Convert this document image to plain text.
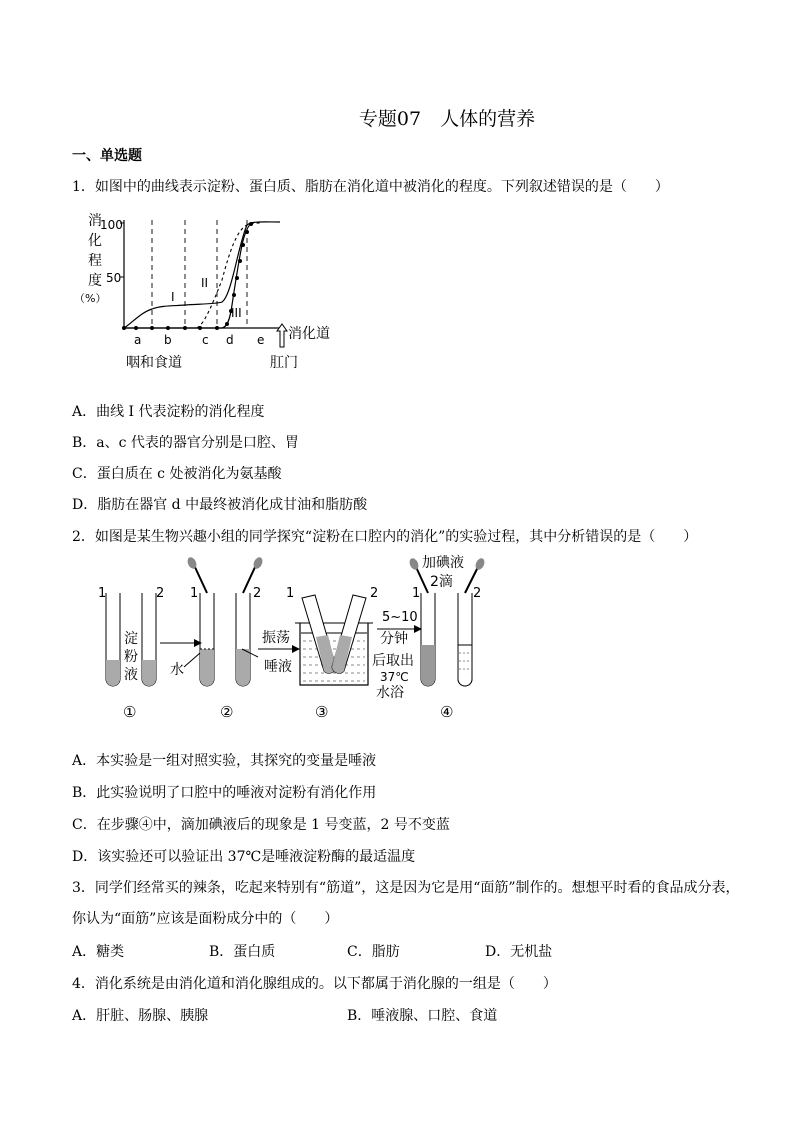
专题07　人体的营养
一、单选题
1．如图中的曲线表示淀粉、蛋白质、脂肪在消化道中被消化的程度。下列叙述错误的是（　　）
消
化
程
度
（%）
100
50
I
II
III
a b	c d e 消化道
咽和食道	肛门
A．曲线 I 代表淀粉的消化程度
B．a、c 代表的器官分别是口腔、胃
C．蛋白质在 c 处被消化为氨基酸
D．脂肪在器官 d 中最终被消化成甘油和脂肪酸
2．如图是某生物兴趣小组的同学探究“淀粉在口腔内的消化”的实验过程，其中分析错误的是（　　）
1	2
淀
粉
液
1	2
水
振荡
唾液
1	2
5~10
分钟
后取出
37℃
水浴
加碘液
2滴
1	2
①	②	③	④
A．本实验是一组对照实验，其探究的变量是唾液
B．此实验说明了口腔中的唾液对淀粉有消化作用
C．在步骤④中，滴加碘液后的现象是 1 号变蓝，2 号不变蓝
D．该实验还可以验证出 37℃是唾液淀粉酶的最适温度
3．同学们经常买的辣条，吃起来特别有“筋道”，这是因为它是用“面筋”制作的。想想平时看的食品成分表，
你认为“面筋”应该是面粉成分中的（　　）
A．糖类	B．蛋白质	C．脂肪	D．无机盐
4．消化系统是由消化道和消化腺组成的。以下都属于消化腺的一组是（　　）
A．肝脏、肠腺、胰腺	B．唾液腺、口腔、食道
